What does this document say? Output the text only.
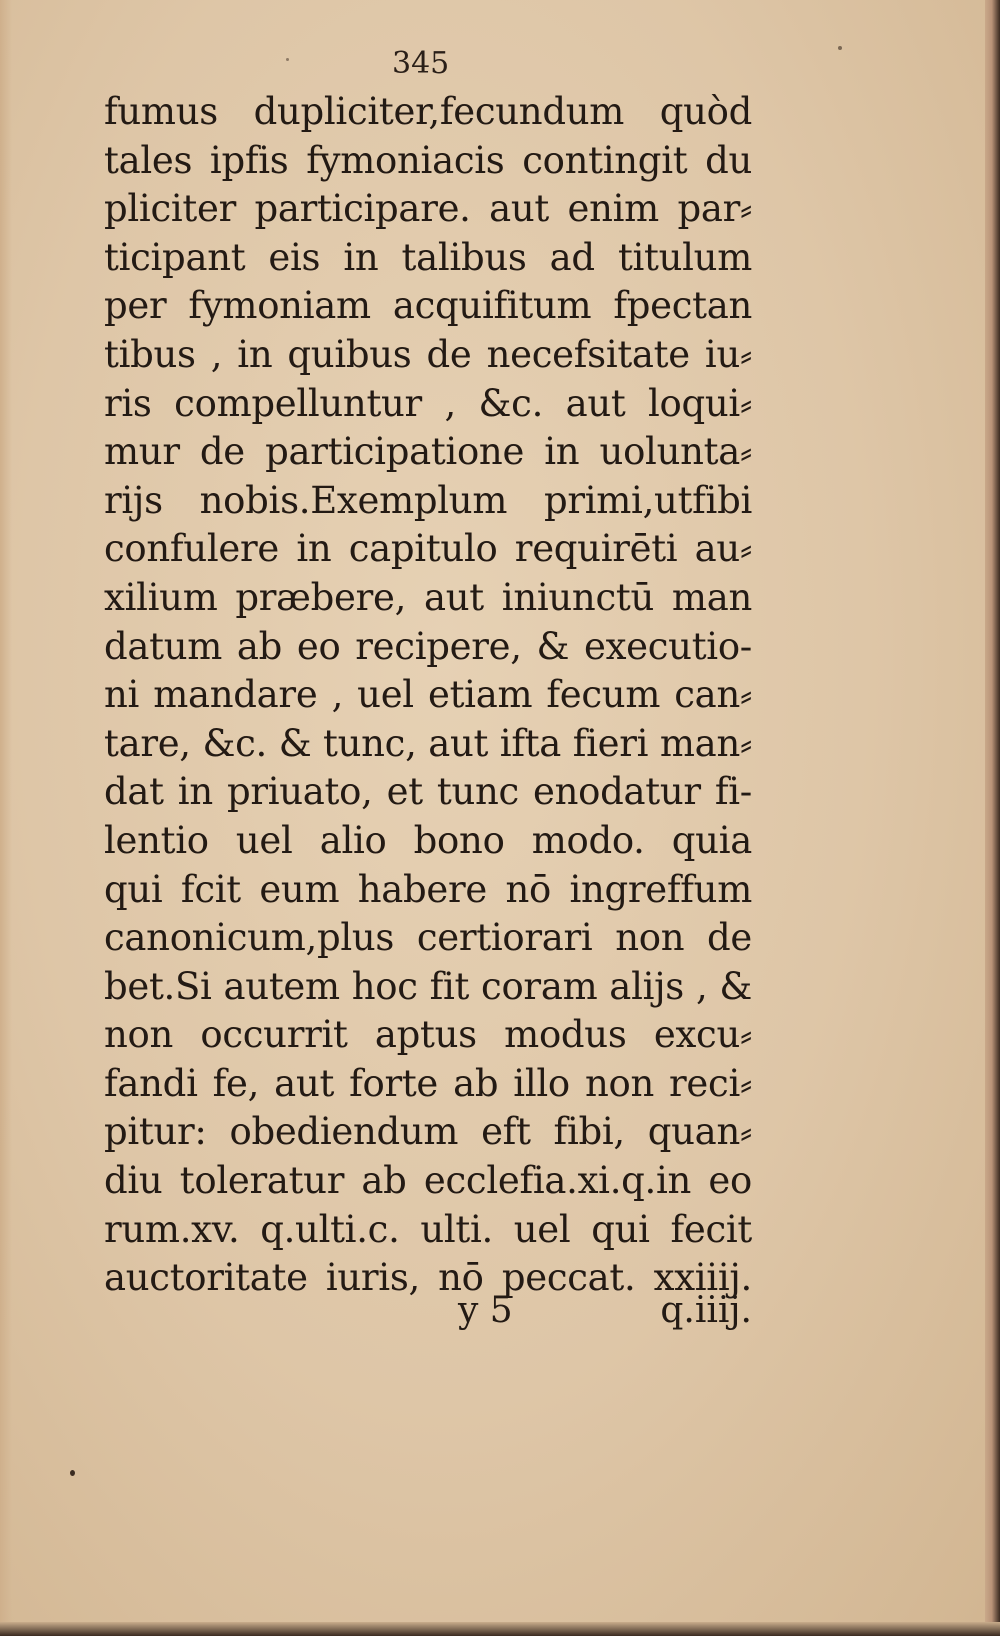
345
fumus dupliciter,fecundum quòd
tales ipfis fymoniacis contingit du
pliciter participare. aut enim par⸗
ticipant eis in talibus ad titulum
per fymoniam acquifitum fpectan
tibus , in quibus de necefsitate iu⸗
ris compelluntur , &c. aut loqui⸗
mur de participatione in uolunta⸗
rijs nobis.Exemplum primi,utfibi
confulere in capitulo requirēti au⸗
xilium præbere, aut iniunctū man
datum ab eo recipere, & executio-
ni mandare , uel etiam fecum can⸗
tare, &c. & tunc, aut ifta fieri man⸗
dat in priuato, et tunc enodatur fi-
lentio uel alio bono modo. quia
qui fcit eum habere nō ingreffum
canonicum,plus certiorari non de
bet.Si autem hoc fit coram alijs , &
non occurrit aptus modus excu⸗
fandi fe, aut forte ab illo non reci⸗
pitur: obediendum eft fibi, quan⸗
diu toleratur ab ecclefia.xi.q.in eo
rum.xv. q.ulti.c. ulti. uel qui fecit
auctoritate iuris, nō peccat. xxiiij.
y 5	q.iiij.
